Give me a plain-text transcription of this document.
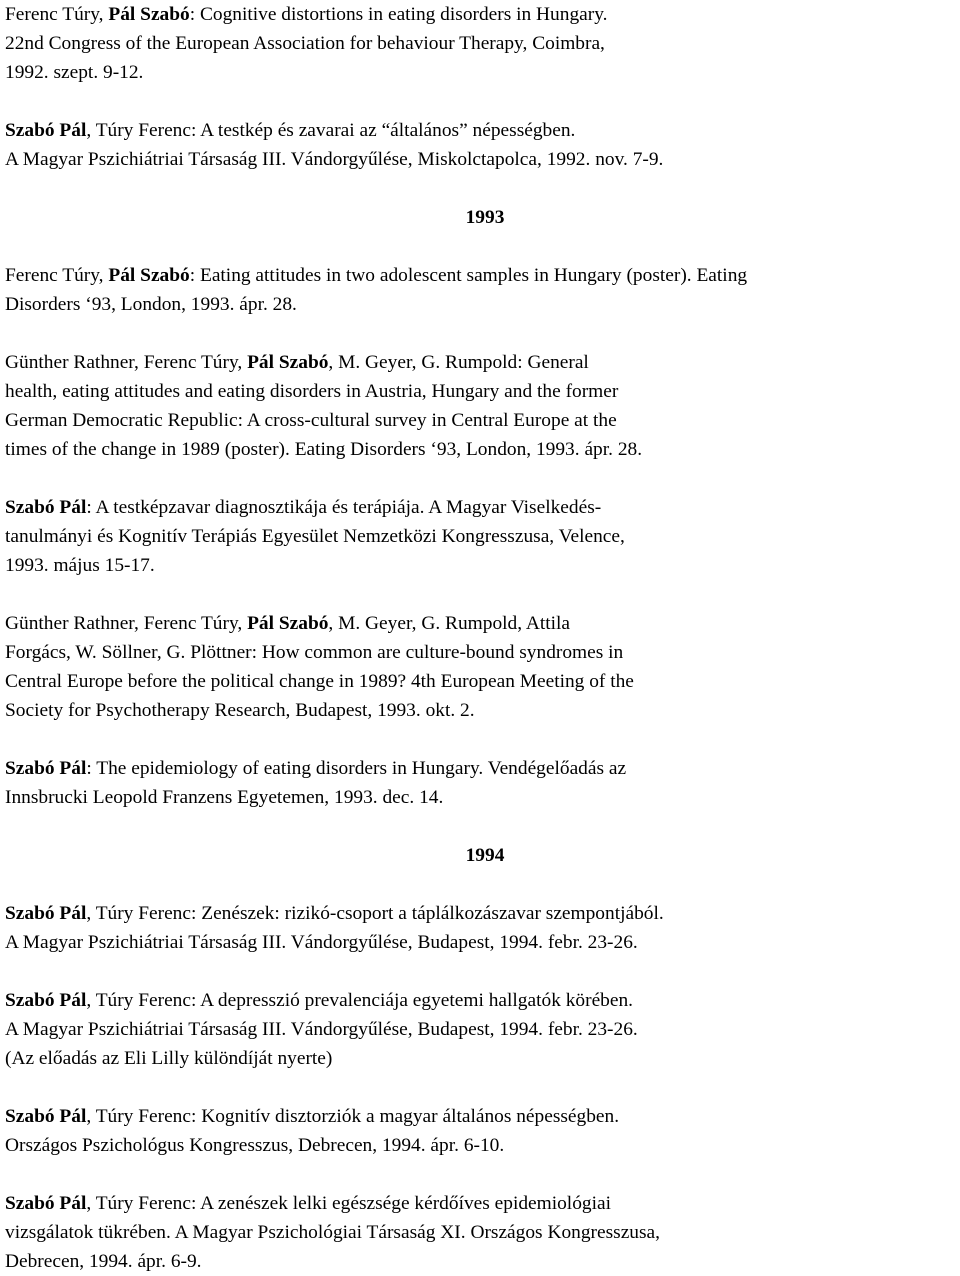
Ferenc Túry, Pál Szabó: Cognitive distortions in eating disorders in Hungary.
22nd Congress of the European Association for behaviour Therapy, Coimbra,
1992. szept. 9-12.
Szabó Pál, Túry Ferenc: A testkép és zavarai az “általános” népességben.
A Magyar Pszichiátriai Társaság III. Vándorgyűlése, Miskolctapolca, 1992. nov. 7-9.
1993
Ferenc Túry, Pál Szabó: Eating attitudes in two adolescent samples in Hungary (poster). Eating
Disorders ‘93, London, 1993. ápr. 28.
Günther Rathner, Ferenc Túry, Pál Szabó, M. Geyer, G. Rumpold: General
health, eating attitudes and eating disorders in Austria, Hungary and the former
German Democratic Republic: A cross-cultural survey in Central Europe at the
times of the change in 1989 (poster). Eating Disorders ‘93, London, 1993. ápr. 28.
Szabó Pál: A testképzavar diagnosztikája és terápiája. A Magyar Viselkedés-
tanulmányi és Kognitív Terápiás Egyesület Nemzetközi Kongresszusa, Velence,
1993. május 15-17.
Günther Rathner, Ferenc Túry, Pál Szabó, M. Geyer, G. Rumpold, Attila
Forgács, W. Söllner, G. Plöttner: How common are culture-bound syndromes in
Central Europe before the political change in 1989? 4th European Meeting of the
Society for Psychotherapy Research, Budapest, 1993. okt. 2.
Szabó Pál: The epidemiology of eating disorders in Hungary. Vendégelőadás az
Innsbrucki Leopold Franzens Egyetemen, 1993. dec. 14.
1994
Szabó Pál, Túry Ferenc: Zenészek: rizikó-csoport a táplálkozászavar szempontjából.
A Magyar Pszichiátriai Társaság III. Vándorgyűlése, Budapest, 1994. febr. 23-26.
Szabó Pál, Túry Ferenc: A depresszió prevalenciája egyetemi hallgatók körében.
A Magyar Pszichiátriai Társaság III. Vándorgyűlése, Budapest, 1994. febr. 23-26.
(Az előadás az Eli Lilly különdíját nyerte)
Szabó Pál, Túry Ferenc: Kognitív disztorziók a magyar általános népességben.
Országos Pszichológus Kongresszus, Debrecen, 1994. ápr. 6-10.
Szabó Pál, Túry Ferenc: A zenészek lelki egészsége kérdőíves epidemiológiai
vizsgálatok tükrében. A Magyar Pszichológiai Társaság XI. Országos Kongresszusa,
Debrecen, 1994. ápr. 6-9.
